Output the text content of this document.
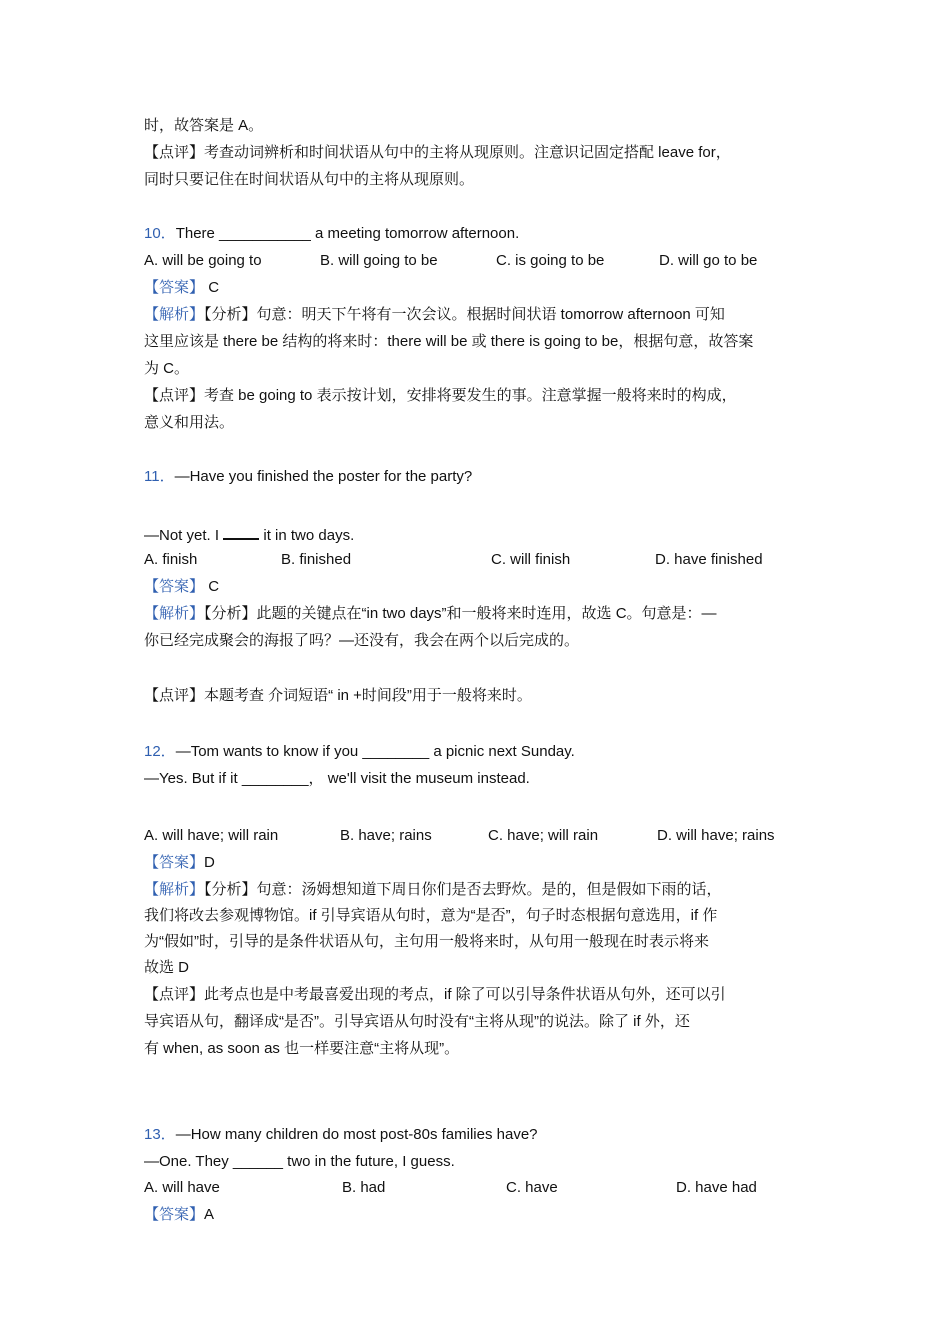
时，故答案是 A。
【点评】考查动词辨析和时间状语从句中的主将从现原则。注意识记固定搭配 leave for，
同时只要记住在时间状语从句中的主将从现原则。
10．There ___________ a meeting tomorrow afternoon.
A. will be going to	B. will going to be	C. is going to be	D. will go to be
【答案】 C
【解析】【分析】句意：明天下午将有一次会议。根据时间状语 tomorrow afternoon 可知
这里应该是 there be 结构的将来时：there will be 或 there is going to be，根据句意，故答案
为 C。
【点评】考查 be going to 表示按计划，安排将要发生的事。注意掌握一般将来时的构成，
意义和用法。
11．—Have you finished the poster for the party?
—Not yet. I  it in two days.
A. finish	B. finished	C. will finish	D. have finished
【答案】 C
【解析】【分析】此题的关键点在“in two days”和一般将来时连用，故选 C。句意是：—
你已经完成聚会的海报了吗？—还没有，我会在两个以后完成的。
【点评】本题考查 介词短语“ in +时间段”用于一般将来时。
12．—Tom wants to know if you ________ a picnic next Sunday.
—Yes. But if it ________， we'll visit the museum instead.
A. will have; will rain	B. have; rains	C. have; will rain	D. will have; rains
【答案】D
【解析】【分析】句意：汤姆想知道下周日你们是否去野炊。是的，但是假如下雨的话，
我们将改去参观博物馆。if 引导宾语从句时，意为“是否”，句子时态根据句意选用，if 作
为“假如”时，引导的是条件状语从句，主句用一般将来时，从句用一般现在时表示将来
故选 D
【点评】此考点也是中考最喜爱出现的考点，if 除了可以引导条件状语从句外，还可以引
导宾语从句，翻译成“是否”。引导宾语从句时没有“主将从现”的说法。除了 if 外，还
有 when, as soon as 也一样要注意“主将从现”。
13．—How many children do most post-80s families have?
—One. They ______ two in the future, I guess.
A. will have	B. had	C. have	D. have had
【答案】A
